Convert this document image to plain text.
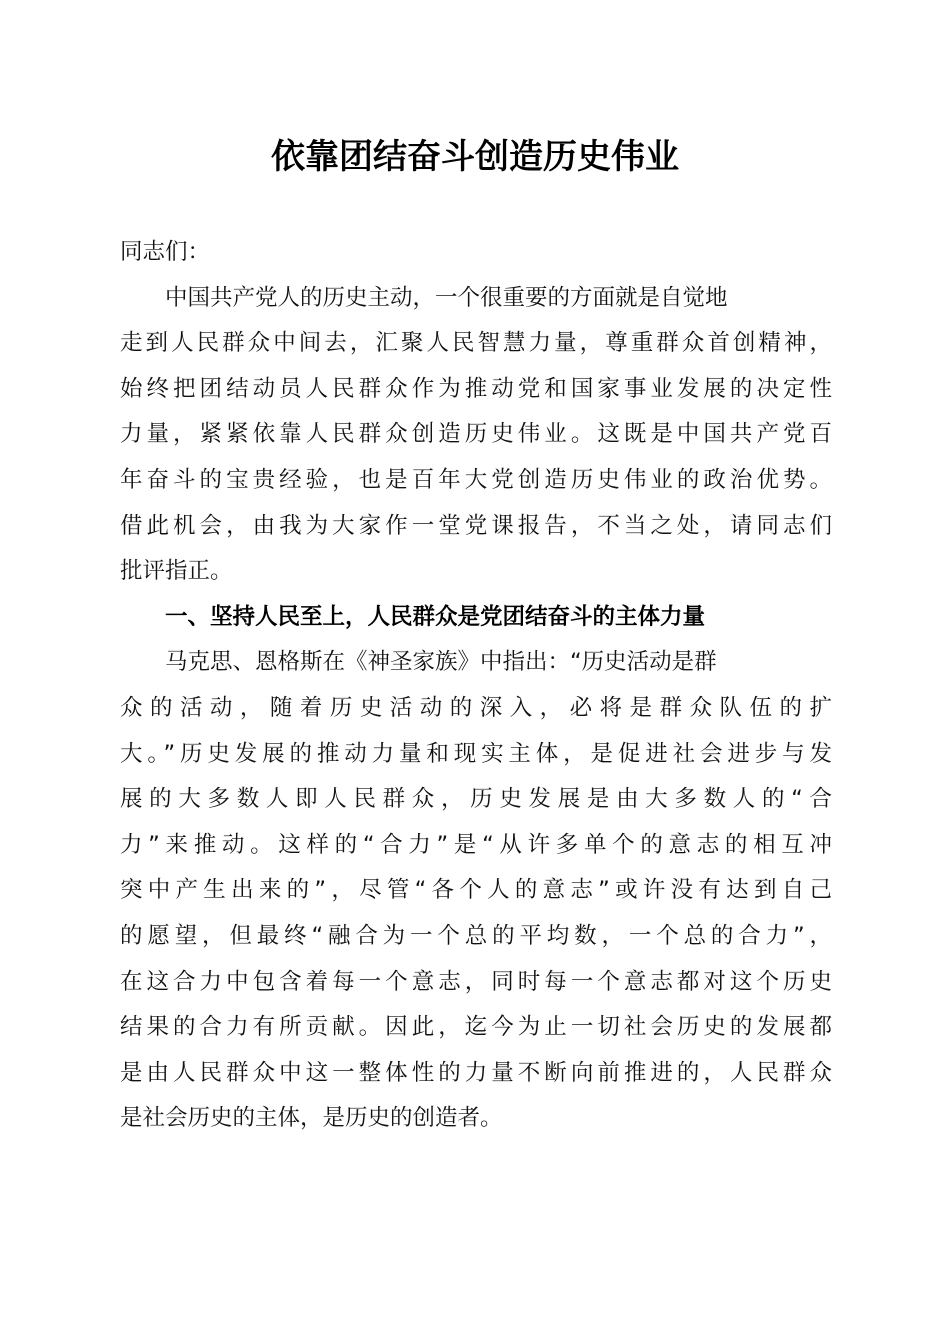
依靠团结奋斗创造历史伟业
同志们：
中国共产党人的历史主动，一个很重要的方面就是自觉地
走到人民群众中间去，汇聚人民智慧力量，尊重群众首创精神，
始终把团结动员人民群众作为推动党和国家事业发展的决定性
力量，紧紧依靠人民群众创造历史伟业。这既是中国共产党百
年奋斗的宝贵经验，也是百年大党创造历史伟业的政治优势。
借此机会，由我为大家作一堂党课报告，不当之处，请同志们
批评指正。
一、坚持人民至上，人民群众是党团结奋斗的主体力量
马克思、恩格斯在《神圣家族》中指出：“历史活动是群
众的活动，随着历史活动的深入，必将是群众队伍的扩
大。”历史发展的推动力量和现实主体，是促进社会进步与发
展的大多数人即人民群众，历史发展是由大多数人的“合
力”来推动。这样的“合力”是“从许多单个的意志的相互冲
突中产生出来的”，尽管“各个人的意志”或许没有达到自己
的愿望，但最终“融合为一个总的平均数，一个总的合力”，
在这合力中包含着每一个意志，同时每一个意志都对这个历史
结果的合力有所贡献。因此，迄今为止一切社会历史的发展都
是由人民群众中这一整体性的力量不断向前推进的，人民群众
是社会历史的主体，是历史的创造者。
